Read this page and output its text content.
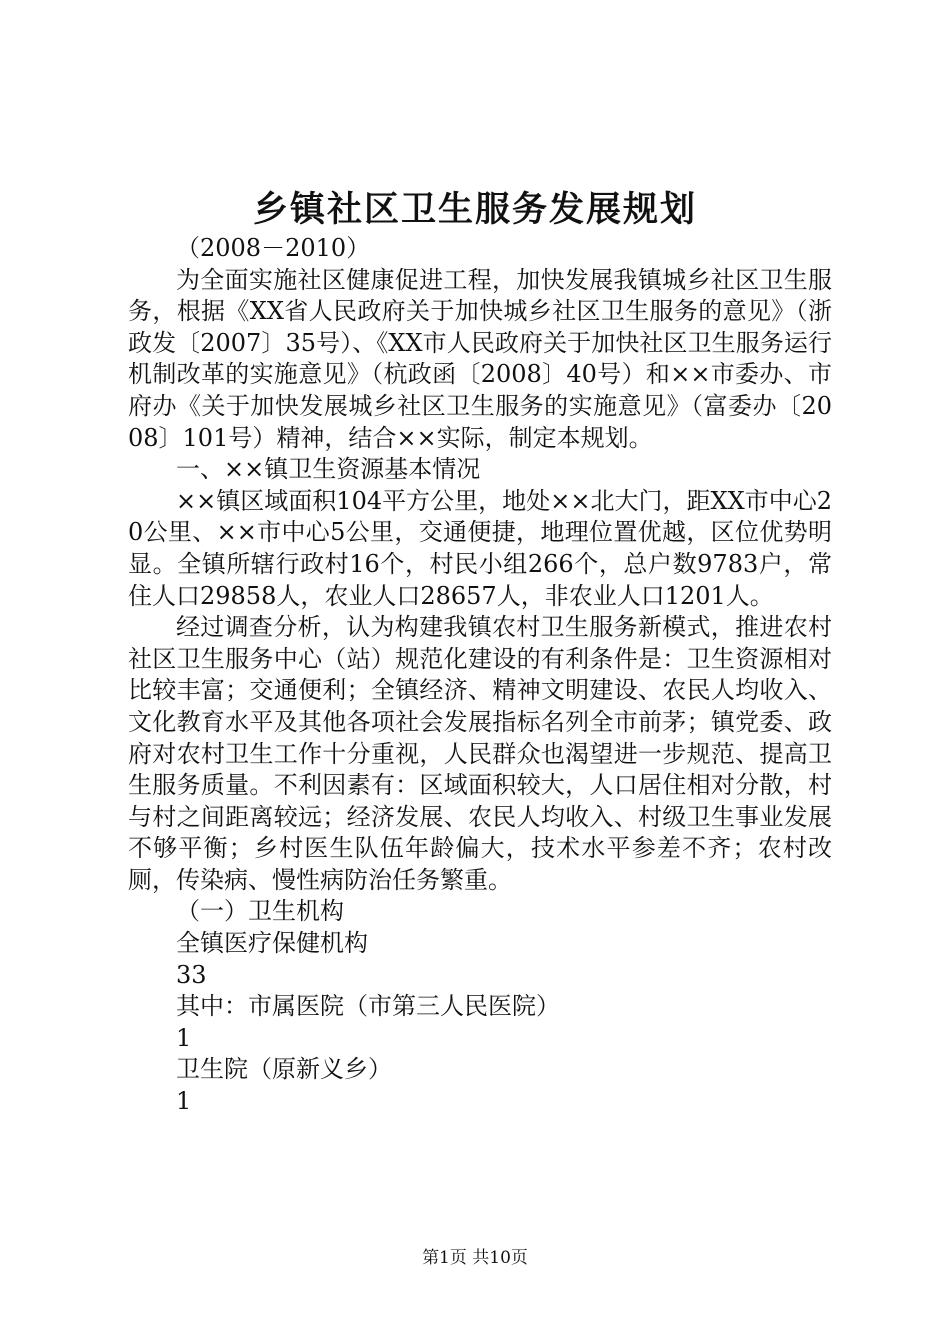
乡镇社区卫生服务发展规划

（2008－2010）

为全面实施社区健康促进工程，加快发展我镇城乡社区卫生服务，根据《XX省人民政府关于加快城乡社区卫生服务的意见》（浙政发〔2007〕35号）、《XX市人民政府关于加快社区卫生服务运行机制改革的实施意见》（杭政函〔2008〕40号）和××市委办、市府办《关于加快发展城乡社区卫生服务的实施意见》（富委办〔2008〕101号）精神，结合××实际，制定本规划。

一、××镇卫生资源基本情况

××镇区域面积104平方公里，地处××北大门，距XX市中心20公里、××市中心5公里，交通便捷，地理位置优越，区位优势明显。全镇所辖行政村16个，村民小组266个，总户数9783户，常住人口29858人，农业人口28657人，非农业人口1201人。

经过调查分析，认为构建我镇农村卫生服务新模式，推进农村社区卫生服务中心（站）规范化建设的有利条件是：卫生资源相对比较丰富；交通便利；全镇经济、精神文明建设、农民人均收入、文化教育水平及其他各项社会发展指标名列全市前茅；镇党委、政府对农村卫生工作十分重视，人民群众也渴望进一步规范、提高卫生服务质量。不利因素有：区域面积较大，人口居住相对分散，村与村之间距离较远；经济发展、农民人均收入、村级卫生事业发展不够平衡；乡村医生队伍年龄偏大，技术水平参差不齐；农村改厕，传染病、慢性病防治任务繁重。

（一）卫生机构

全镇医疗保健机构

33

其中：市属医院（市第三人民医院）

1

卫生院（原新义乡）

1

第1页 共10页
